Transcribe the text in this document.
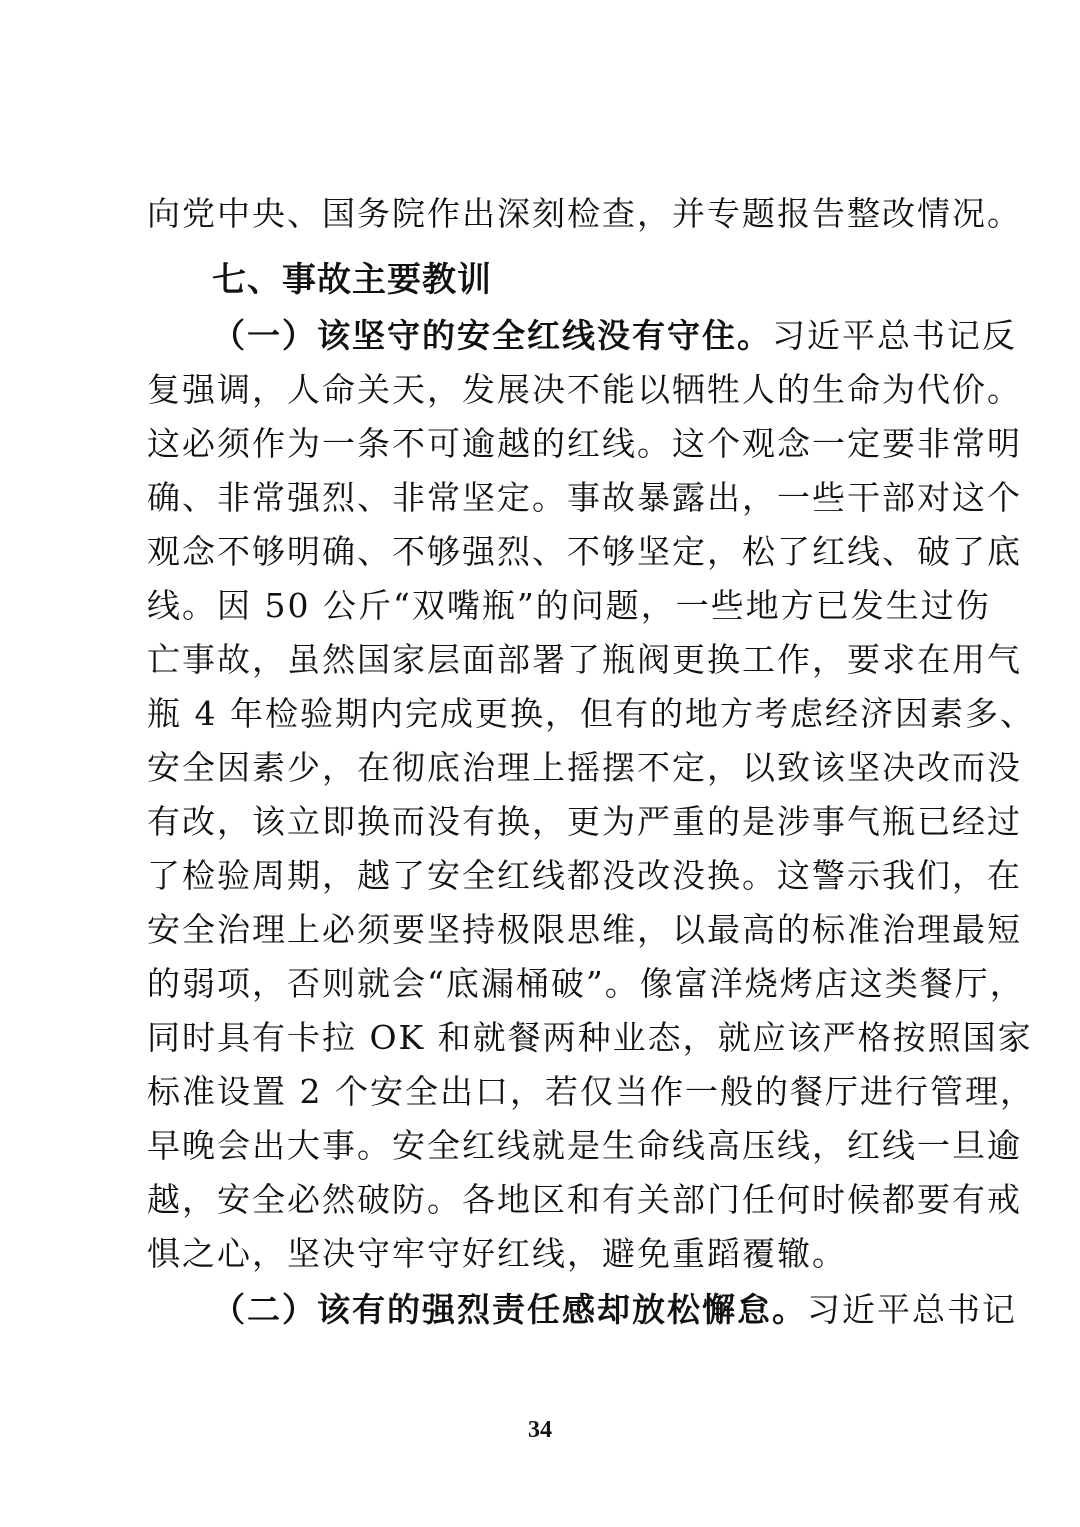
向党中央、国务院作出深刻检查，并专题报告整改情况。
七、事故主要教训
（一）该坚守的安全红线没有守住。习近平总书记反
复强调，人命关天，发展决不能以牺牲人的生命为代价。
这必须作为一条不可逾越的红线。这个观念一定要非常明
确、非常强烈、非常坚定。事故暴露出，一些干部对这个
观念不够明确、不够强烈、不够坚定，松了红线、破了底
线。因 50 公斤“双嘴瓶”的问题，一些地方已发生过伤
亡事故，虽然国家层面部署了瓶阀更换工作，要求在用气
瓶 4 年检验期内完成更换，但有的地方考虑经济因素多、
安全因素少，在彻底治理上摇摆不定，以致该坚决改而没
有改，该立即换而没有换，更为严重的是涉事气瓶已经过
了检验周期，越了安全红线都没改没换。这警示我们，在
安全治理上必须要坚持极限思维，以最高的标准治理最短
的弱项，否则就会“底漏桶破”。像富洋烧烤店这类餐厅，
同时具有卡拉 OK 和就餐两种业态，就应该严格按照国家
标准设置 2 个安全出口，若仅当作一般的餐厅进行管理，
早晚会出大事。安全红线就是生命线高压线，红线一旦逾
越，安全必然破防。各地区和有关部门任何时候都要有戒
惧之心，坚决守牢守好红线，避免重蹈覆辙。
（二）该有的强烈责任感却放松懈怠。习近平总书记
34
